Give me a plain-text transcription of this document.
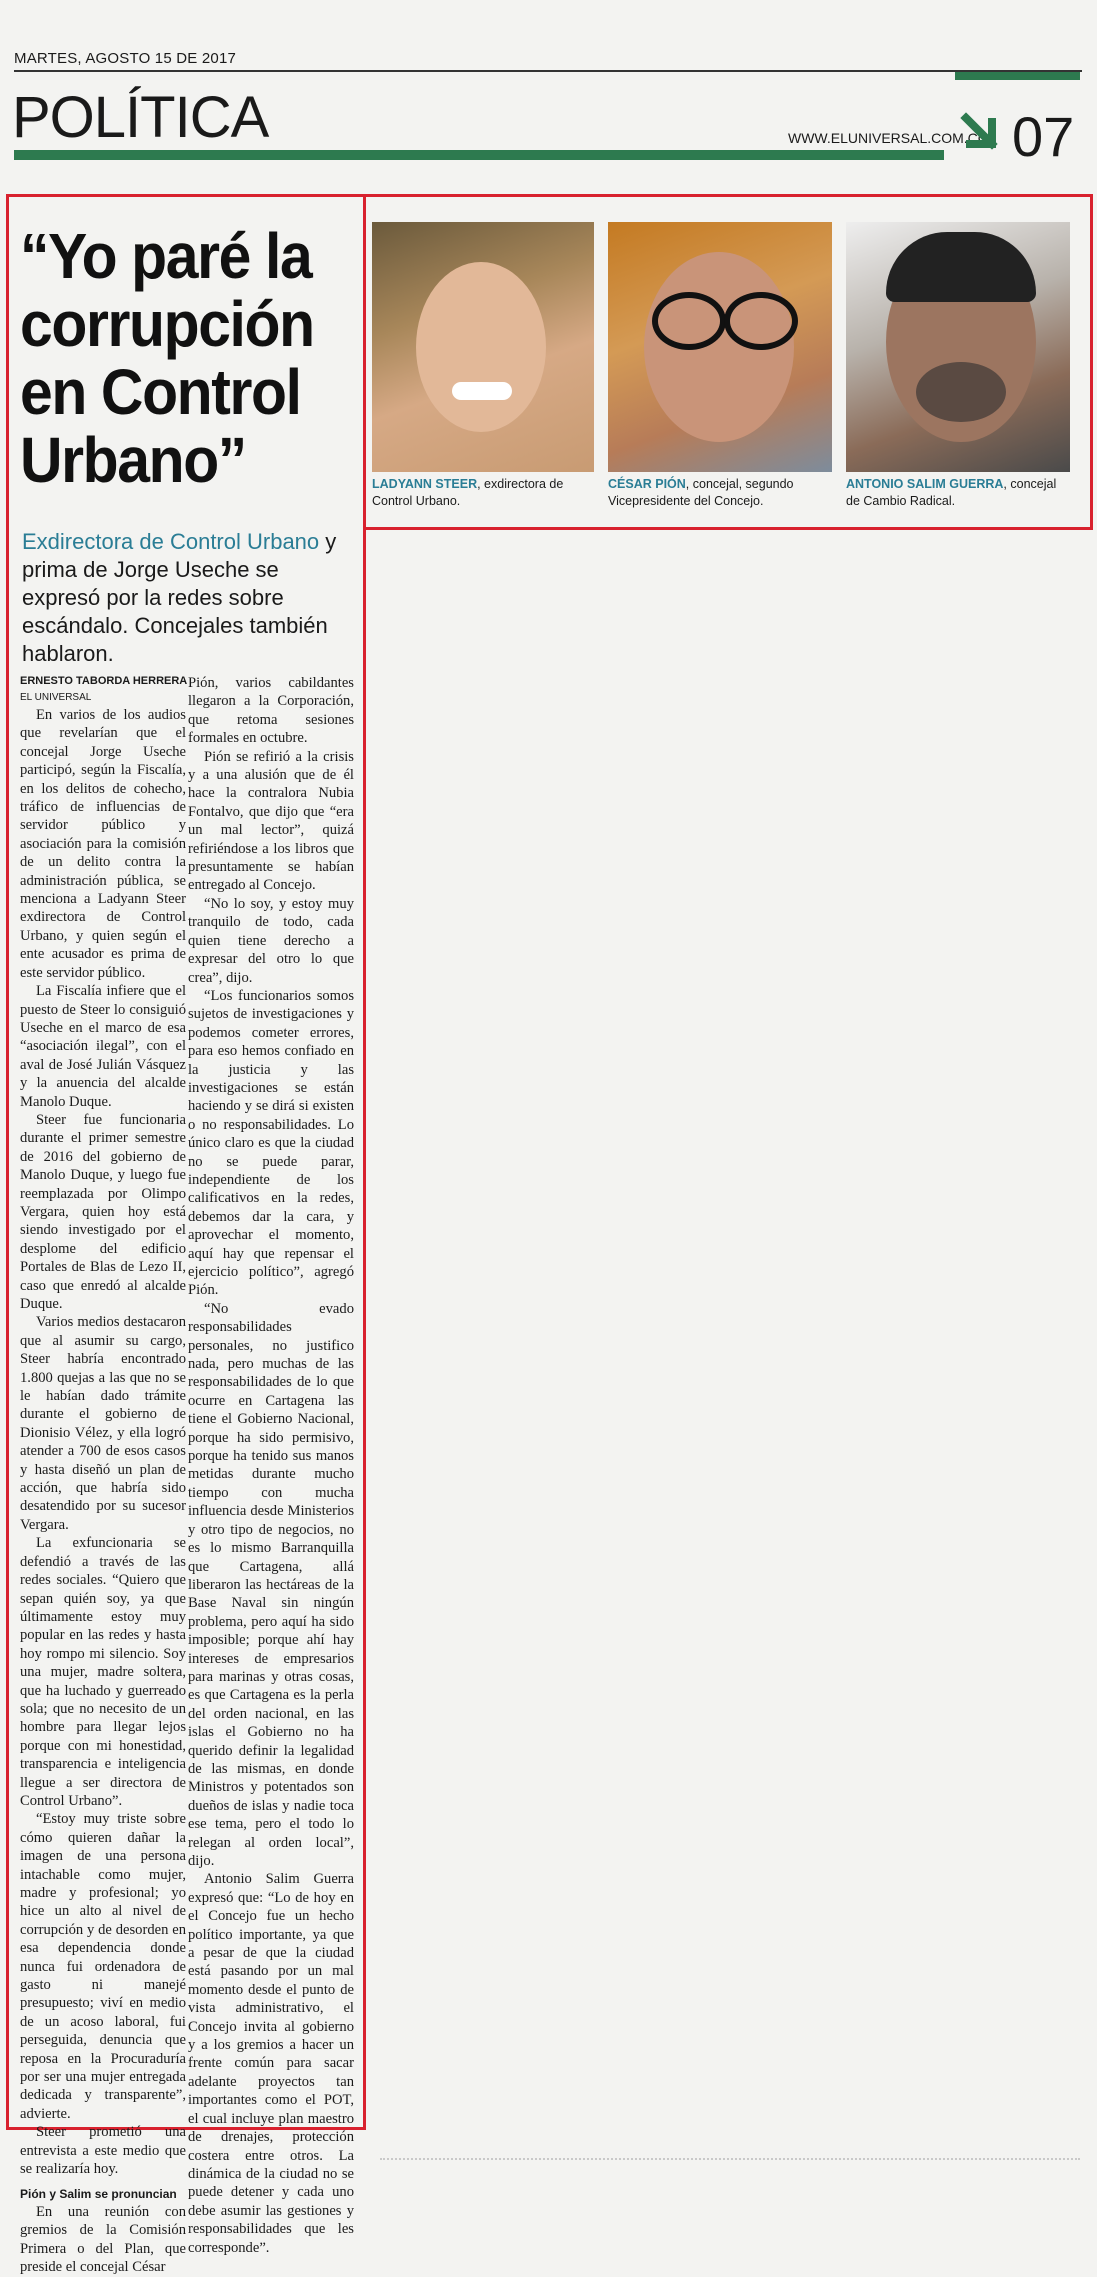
MARTES, AGOSTO 15 DE 2017
POLÍTICA	WWW.ELUNIVERSAL.COM.CO 07
“Yo paré la corrupción en Control Urbano”

Exdirectora de Control Urbano y prima de Jorge Useche se expresó por la redes sobre escándalo. Concejales también hablaron.

LADYANN STEER, exdirectora de Control Urbano.
CÉSAR PIÓN, concejal, segundo Vicepresidente del Concejo.
ANTONIO SALIM GUERRA, concejal de Cambio Radical.
ERNESTO TABORDA HERRERA
EL UNIVERSAL

En varios de los audios que revelarían que el concejal Jorge Useche participó, según la Fiscalía, en los delitos de cohecho, tráfico de influencias de servidor público y asociación para la comisión de un delito contra la administración pública, se menciona a Ladyann Steer exdirectora de Control Urbano, y quien según el ente acusador es prima de este servidor público.

La Fiscalía infiere que el puesto de Steer lo consiguió Useche en el marco de esa “asociación ilegal”, con el aval de José Julián Vásquez y la anuencia del alcalde Manolo Duque.

Steer fue funcionaria durante el primer semestre de 2016 del gobierno de Manolo Duque, y luego fue reemplazada por Olimpo Vergara, quien hoy está siendo investigado por el desplome del edificio Portales de Blas de Lezo II, caso que enredó al alcalde Duque.

Varios medios destacaron que al asumir su cargo, Steer habría encontrado 1.800 quejas a las que no se le habían dado trámite durante el gobierno de Dionisio Vélez, y ella logró atender a 700 de esos casos y hasta diseñó un plan de acción, que habría sido desatendido por su sucesor Vergara.

La exfuncionaria se defendió a través de las redes sociales. “Quiero que sepan quién soy, ya que últimamente estoy muy popular en las redes y hasta hoy rompo mi silencio. Soy una mujer, madre soltera, que ha luchado y guerreado sola; que no necesito de un hombre para llegar lejos porque con mi honestidad, transparencia e inteligencia llegue a ser directora de Control Urbano”.

“Estoy muy triste sobre cómo quieren dañar la imagen de una persona intachable como mujer, madre y profesional; yo hice un alto al nivel de corrupción y de desorden en esa dependencia donde nunca fui ordenadora de gasto ni manejé presupuesto; viví en medio de un acoso laboral, fui perseguida, denuncia que reposa en la Procuraduría por ser una mujer entregada dedicada y transparente”, advierte.

Steer prometió una entrevista a este medio que se realizaría hoy.

Pión y Salim se pronuncian

En una reunión con gremios de la Comisión Primera o del Plan, que preside el concejal César

Pión, varios cabildantes llegaron a la Corporación, que retoma sesiones formales en octubre.

Pión se refirió a la crisis y a una alusión que de él hace la contralora Nubia Fontalvo, que dijo que “era un mal lector”, quizá refiriéndose a los libros que presuntamente se habían entregado al Concejo.

“No lo soy, y estoy muy tranquilo de todo, cada quien tiene derecho a expresar del otro lo que crea”, dijo.

“Los funcionarios somos sujetos de investigaciones y podemos cometer errores, para eso hemos confiado en la justicia y las investigaciones se están haciendo y se dirá si existen o no responsabilidades. Lo único claro es que la ciudad no se puede parar, independiente de los calificativos en la redes, debemos dar la cara, y aprovechar el momento, aquí hay que repensar el ejercicio político”, agregó Pión.

“No evado responsabilidades personales, no justifico nada, pero muchas de las responsabilidades de lo que ocurre en Cartagena las tiene el Gobierno Nacional, porque ha sido permisivo, porque ha tenido sus manos metidas durante mucho tiempo con mucha influencia desde Ministerios y otro tipo de negocios, no es lo mismo Barranquilla que Cartagena, allá liberaron las hectáreas de la Base Naval sin ningún problema, pero aquí ha sido imposible; porque ahí hay intereses de empresarios para marinas y otras cosas, es que Cartagena es la perla del orden nacional, en las islas el Gobierno no ha querido definir la legalidad de las mismas, en donde Ministros y potentados son dueños de islas y nadie toca ese tema, pero el todo lo relegan al orden local”, dijo.

Antonio Salim Guerra expresó que: “Lo de hoy en el Concejo fue un hecho político importante, ya que a pesar de que la ciudad está pasando por un mal momento desde el punto de vista administrativo, el Concejo invita al gobierno y a los gremios a hacer un frente común para sacar adelante proyectos tan importantes como el POT, el cual incluye plan maestro de drenajes, protección costera entre otros. La dinámica de la ciudad no se puede detener y cada uno debe asumir las gestiones y responsabilidades que les corresponde”.
